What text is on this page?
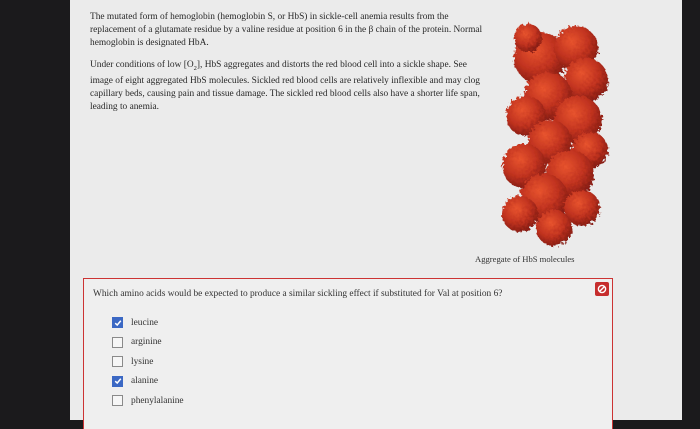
The mutated form of hemoglobin (hemoglobin S, or HbS) in sickle-cell anemia results from the replacement of a glutamate residue by a valine residue at position 6 in the β chain of the protein. Normal hemoglobin is designated HbA.

Under conditions of low $[O_2]$, HbS aggregates and distorts the red blood cell into a sickle shape. See image of eight aggregated HbS molecules. Sickled red blood cells are relatively inflexible and may clog capillary beds, causing pain and tissue damage. The sickled red blood cells also have a shorter life span, leading to anemia.

Aggregate of HbS molecules
Which amino acids would be expected to produce a similar sickling effect if substituted for Val at position 6?
leucine
arginine
lysine
alanine
phenylalanine
